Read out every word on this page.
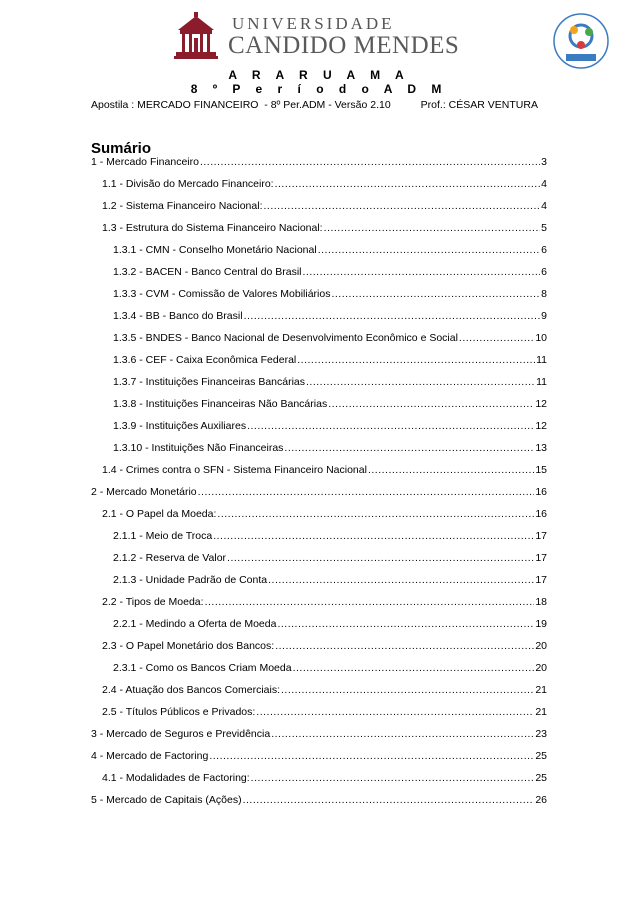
UNIVERSIDADE
CANDIDO MENDES
A R A R U A M A
8 º P e r í o d o A D M
Apostila : MERCADO FINANCEIRO  - 8º Per.ADM - Versão 2.10	Prof.: CÉSAR VENTURA
Sumário
1 - Mercado Financeiro .....	3
1.1 - Divisão do Mercado Financeiro: .....	4
1.2 - Sistema Financeiro Nacional: .....	4
1.3 - Estrutura do Sistema Financeiro Nacional: .....	5
1.3.1 - CMN - Conselho Monetário Nacional .....	6
1.3.2 - BACEN - Banco Central do Brasil .....	6
1.3.3 - CVM - Comissão de Valores Mobiliários .....	8
1.3.4 - BB - Banco do Brasil .....	9
1.3.5 - BNDES - Banco Nacional de Desenvolvimento Econômico e Social .....	10
1.3.6 - CEF - Caixa Econômica Federal .....	11
1.3.7 - Instituições Financeiras Bancárias .....	11
1.3.8 - Instituições Financeiras Não Bancárias .....	12
1.3.9 - Instituições Auxiliares .....	12
1.3.10 - Instituições Não Financeiras .....	13
1.4 - Crimes contra o SFN - Sistema Financeiro Nacional .....	15
2 - Mercado Monetário .....	16
2.1 - O Papel da Moeda: .....	16
2.1.1 - Meio de Troca .....	17
2.1.2 - Reserva de Valor .....	17
2.1.3 - Unidade Padrão de Conta .....	17
2.2 - Tipos de Moeda: .....	18
2.2.1 - Medindo a Oferta de Moeda .....	19
2.3 - O Papel Monetário dos Bancos: .....	20
2.3.1 - Como os Bancos Criam Moeda .....	20
2.4 - Atuação dos Bancos Comerciais: .....	21
2.5 - Títulos Públicos e Privados: .....	21
3 - Mercado de Seguros e Previdência .....	23
4 - Mercado de Factoring .....	25
4.1 - Modalidades de Factoring: .....	25
5 - Mercado de Capitais (Ações) .....	26
